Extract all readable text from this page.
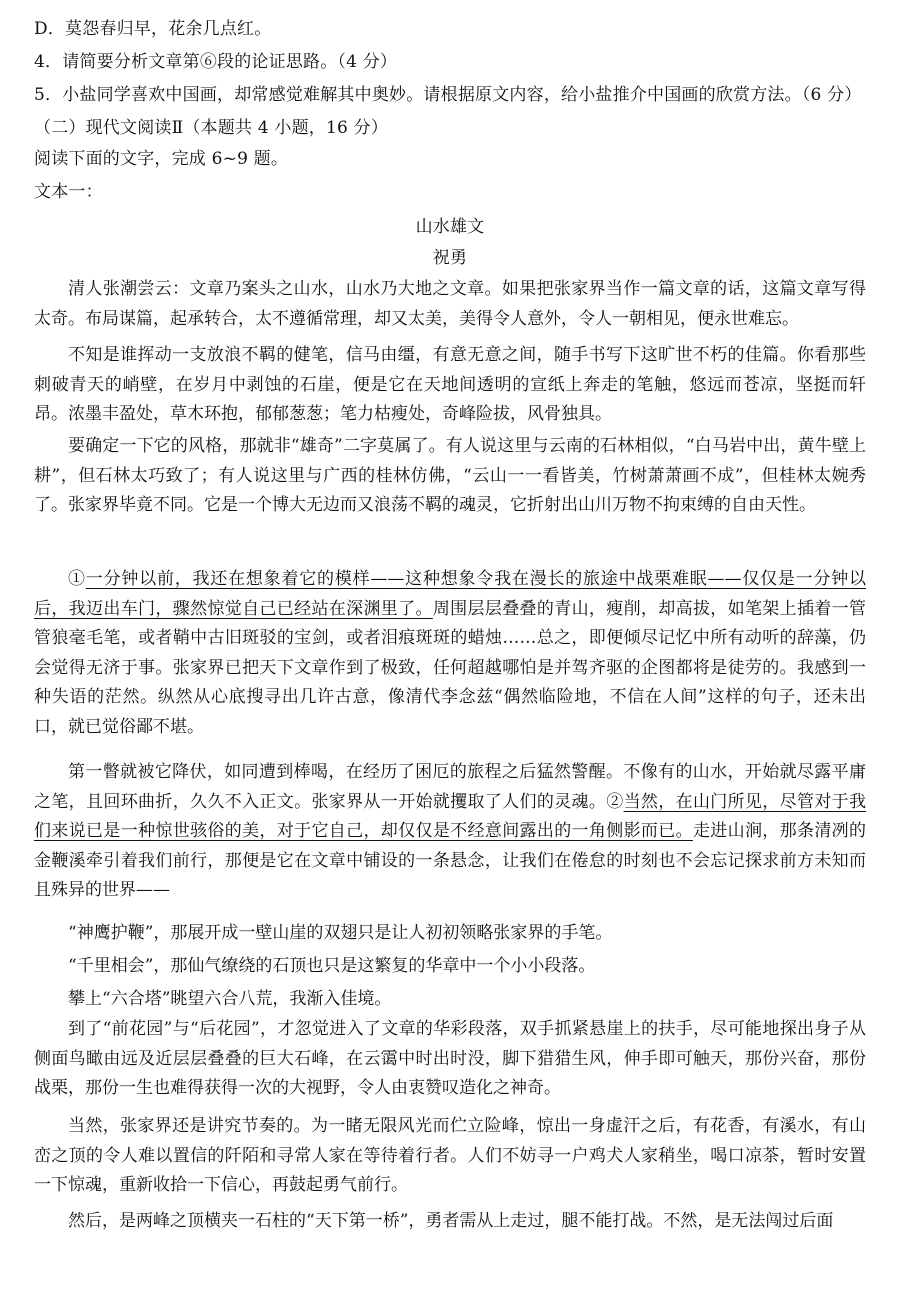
D．莫怨春归早，花余几点红。
4．请简要分析文章第⑥段的论证思路。（4 分）
5．小盐同学喜欢中国画，却常感觉难解其中奥妙。请根据原文内容，给小盐推介中国画的欣赏方法。（6 分）
（二）现代文阅读Ⅱ（本题共 4 小题，16 分）
阅读下面的文字，完成 6~9 题。
文本一：
山水雄文
祝勇
清人张潮尝云：文章乃案头之山水，山水乃大地之文章。如果把张家界当作一篇文章的话，这篇文章写得太奇。布局谋篇，起承转合，太不遵循常理，却又太美，美得令人意外，令人一朝相见，便永世难忘。
不知是谁挥动一支放浪不羁的健笔，信马由缰，有意无意之间，随手书写下这旷世不朽的佳篇。你看那些刺破青天的峭壁，在岁月中剥蚀的石崖，便是它在天地间透明的宣纸上奔走的笔触，悠远而苍凉，坚挺而轩昂。浓墨丰盈处，草木环抱，郁郁葱葱；笔力枯瘦处，奇峰险拔，风骨独具。
要确定一下它的风格，那就非“雄奇”二字莫属了。有人说这里与云南的石林相似，“白马岩中出，黄牛壁上耕”，但石林太巧致了；有人说这里与广西的桂林仿佛，“云山一一看皆美，竹树萧萧画不成”，但桂林太婉秀了。张家界毕竟不同。它是一个博大无边而又浪荡不羁的魂灵，它折射出山川万物不拘束缚的自由天性。
①一分钟以前，我还在想象着它的模样——这种想象令我在漫长的旅途中战栗难眠——仅仅是一分钟以后，我迈出车门，骤然惊觉自己已经站在深渊里了。周围层层叠叠的青山，瘦削，却高拔，如笔架上插着一管管狼毫毛笔，或者鞘中古旧斑驳的宝剑，或者泪痕斑斑的蜡烛……总之，即便倾尽记忆中所有动听的辞藻，仍会觉得无济于事。张家界已把天下文章作到了极致，任何超越哪怕是并驾齐驱的企图都将是徒劳的。我感到一种失语的茫然。纵然从心底搜寻出几许古意，像清代李念兹“偶然临险地，不信在人间”这样的句子，还未出口，就已觉俗鄙不堪。
第一瞥就被它降伏，如同遭到棒喝，在经历了困厄的旅程之后猛然警醒。不像有的山水，开始就尽露平庸之笔，且回环曲折，久久不入正文。张家界从一开始就攫取了人们的灵魂。②当然，在山门所见，尽管对于我们来说已是一种惊世骇俗的美，对于它自己，却仅仅是不经意间露出的一角侧影而已。走进山涧，那条清冽的金鞭溪牵引着我们前行，那便是它在文章中铺设的一条悬念，让我们在倦怠的时刻也不会忘记探求前方未知而且殊异的世界——
“神鹰护鞭”，那展开成一壁山崖的双翅只是让人初初领略张家界的手笔。
“千里相会”，那仙气缭绕的石顶也只是这繁复的华章中一个小小段落。
攀上“六合塔”眺望六合八荒，我渐入佳境。
到了“前花园”与“后花园”，才忽觉进入了文章的华彩段落，双手抓紧悬崖上的扶手，尽可能地探出身子从侧面鸟瞰由远及近层层叠叠的巨大石峰，在云霭中时出时没，脚下猎猎生风，伸手即可触天，那份兴奋，那份战栗，那份一生也难得获得一次的大视野，令人由衷赞叹造化之神奇。
当然，张家界还是讲究节奏的。为一睹无限风光而伫立险峰，惊出一身虚汗之后，有花香，有溪水，有山峦之顶的令人难以置信的阡陌和寻常人家在等待着行者。人们不妨寻一户鸡犬人家稍坐，喝口凉茶，暂时安置一下惊魂，重新收拾一下信心，再鼓起勇气前行。
然后，是两峰之顶横夹一石柱的“天下第一桥”，勇者需从上走过，腿不能打战。不然，是无法闯过后面
